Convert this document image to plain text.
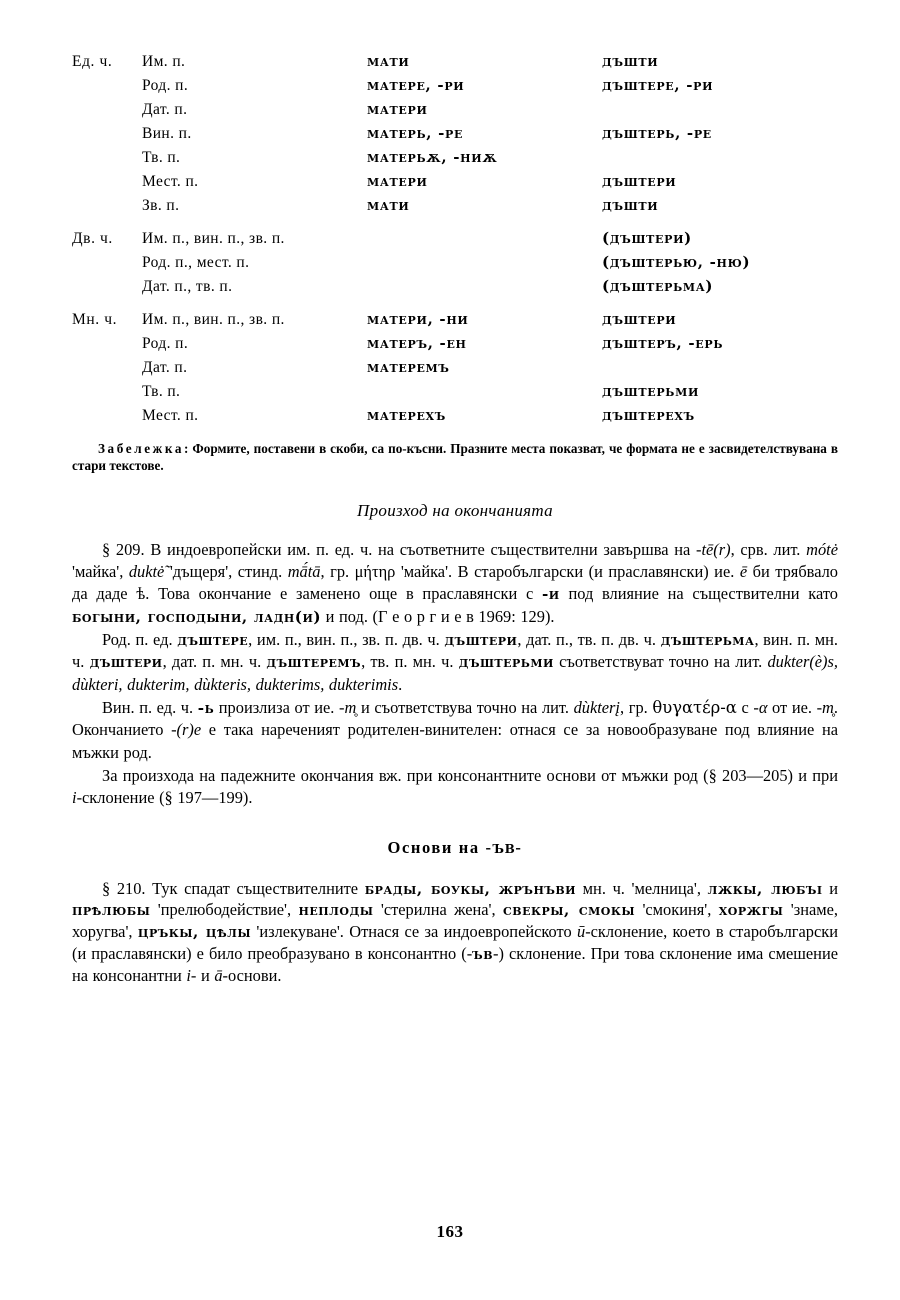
Ед. ч.	Им. п.	мати	дъшти
	Род. п.	матере, -ри	дъштере, -ри
	Дат. п.	матери	
	Вин. п.	матерь, -ре	дъштерь, -ре
	Тв. п.	матерьѫ, -ниѫ	
	Мест. п.	матери	дъштери
	Зв. п.	мати	дъшти
Дв. ч.	Им. п., вин. п., зв. п.		(дъштери)
	Род. п., мест. п.		(дъштерью, -ню)
	Дат. п., тв. п.		(дъштерьма)
Мн. ч.	Им. п., вин. п., зв. п.	матери, -ни	дъштери
	Род. п.	матеръ, -ен	дъштеръ, -ерь
	Дат. п.	матеремъ	
	Тв. п.		дъштерьми
	Мест. п.	матерехъ	дъштерехъ
Забележка: Формите, поставени в скоби, са по-късни. Празните места показват, че формата не е засвидетелствувана в стари текстове.
Произход на окончанията

§ 209. В индоевропейски им. п. ед. ч. на съответните съществителни завършва на -tē(r), срв. лит. mótė 'майка', duktė̃ 'дъщеря', стинд. mā́tā, гр. μήτηρ 'майка'. В старобългарски (и праславянски) ие. ē би трябвало да даде ѣ. Това окончание е заменено още в праславянски с -и под влияние на съществителни като богыни, господыни, ладн(и) и под. (Г е о р г и е в 1969: 129).

Род. п. ед. дъштере, им. п., вин. п., зв. п. дв. ч. дъштери, дат. п., тв. п. дв. ч. дъштерьма, вин. п. мн. ч. дъштери, дат. п. мн. ч. дъштеремъ, тв. п. мн. ч. дъштерьми съответствуват точно на лит. dukter(è)s, dùkteri, dukterim, dùkteris, dukterims, dukterimis.

Вин. п. ед. ч. -ь произлиза от ие. -m̥ и съответствува точно на лит. dùkterį, гр. θυγατέρ-α с -α от ие. -m̥. Окончанието -(r)e е така нареченият родителен-винителен: отнася се за новообразуване под влияние на мъжки род.

За произхода на падежните окончания вж. при консонантните основи от мъжки род (§ 203—205) и при i-склонение (§ 197—199).

Основи на -ъв-

§ 210. Тук спадат съществителните брады, боукы, жрънъви мн. ч. 'мелница', лжкы, любъı и прѣлюбы 'прелюбодействие', неплоды 'стерилна жена', свекры, смокы 'смокиня', хоржгы 'знаме, хоругва', цръкы, цѣлы 'излекуване'. Отнася се за индоевропейското ū-склонение, което в старобългарски (и праславянски) е било преобразувано в консонантно (-ъв-) склонение. При това склонение има смешение на консонантни i- и ā-основи.

163
